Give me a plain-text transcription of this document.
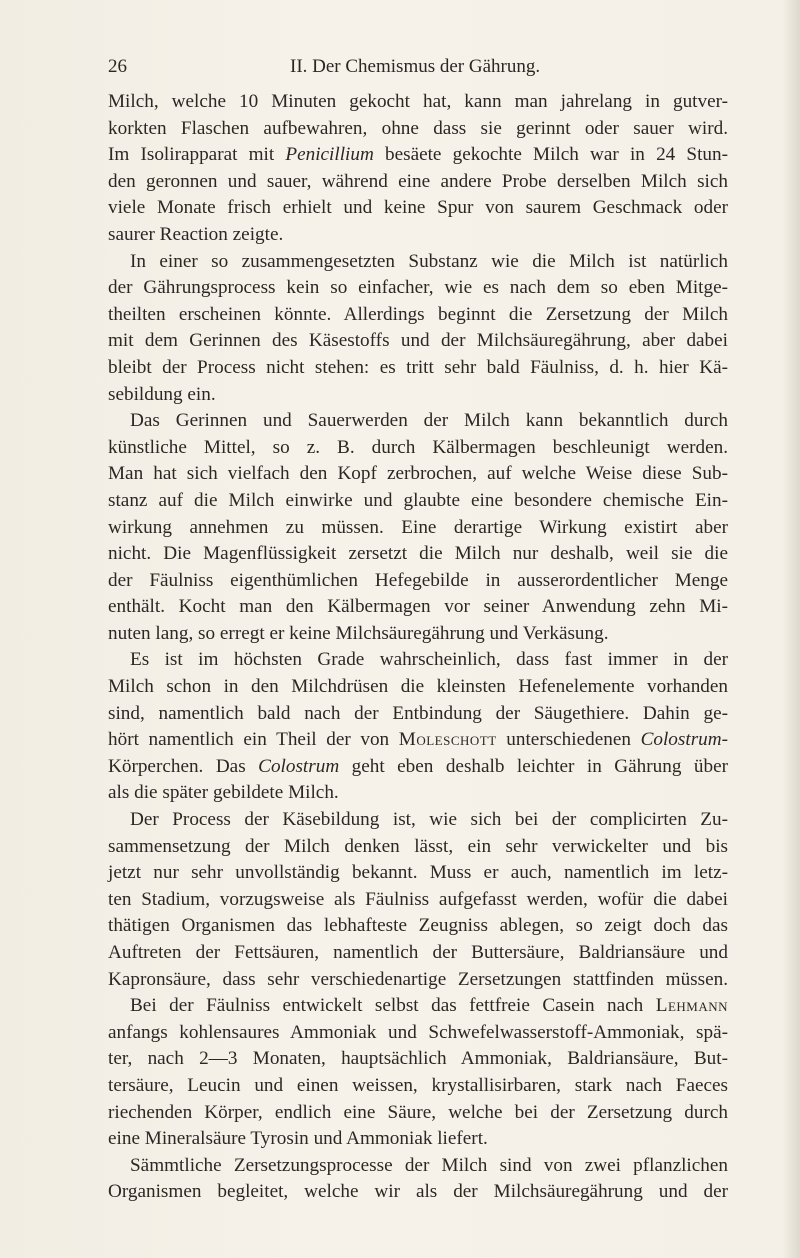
26	II. Der Chemismus der Gährung.

Milch, welche 10 Minuten gekocht hat, kann man jahrelang in gutver-

korkten Flaschen aufbewahren, ohne dass sie gerinnt oder sauer wird.

Im Isolirapparat mit Penicillium besäete gekochte Milch war in 24 Stun-

den geronnen und sauer, während eine andere Probe derselben Milch sich

viele Monate frisch erhielt und keine Spur von saurem Geschmack oder

saurer Reaction zeigte.

In einer so zusammengesetzten Substanz wie die Milch ist natürlich

der Gährungsprocess kein so einfacher, wie es nach dem so eben Mitge-

theilten erscheinen könnte. Allerdings beginnt die Zersetzung der Milch

mit dem Gerinnen des Käsestoffs und der Milchsäuregährung, aber dabei

bleibt der Process nicht stehen: es tritt sehr bald Fäulniss, d. h. hier Kä-

sebildung ein.

Das Gerinnen und Sauerwerden der Milch kann bekanntlich durch

künstliche Mittel, so z. B. durch Kälbermagen beschleunigt werden.

Man hat sich vielfach den Kopf zerbrochen, auf welche Weise diese Sub-

stanz auf die Milch einwirke und glaubte eine besondere chemische Ein-

wirkung annehmen zu müssen. Eine derartige Wirkung existirt aber

nicht. Die Magenflüssigkeit zersetzt die Milch nur deshalb, weil sie die

der Fäulniss eigenthümlichen Hefegebilde in ausserordentlicher Menge

enthält. Kocht man den Kälbermagen vor seiner Anwendung zehn Mi-

nuten lang, so erregt er keine Milchsäuregährung und Verkäsung.

Es ist im höchsten Grade wahrscheinlich, dass fast immer in der

Milch schon in den Milchdrüsen die kleinsten Hefenelemente vorhanden

sind, namentlich bald nach der Entbindung der Säugethiere. Dahin ge-

hört namentlich ein Theil der von Moleschott unterschiedenen Colostrum-

Körperchen. Das Colostrum geht eben deshalb leichter in Gährung über

als die später gebildete Milch.

Der Process der Käsebildung ist, wie sich bei der complicirten Zu-

sammensetzung der Milch denken lässt, ein sehr verwickelter und bis

jetzt nur sehr unvollständig bekannt. Muss er auch, namentlich im letz-

ten Stadium, vorzugsweise als Fäulniss aufgefasst werden, wofür die dabei

thätigen Organismen das lebhafteste Zeugniss ablegen, so zeigt doch das

Auftreten der Fettsäuren, namentlich der Buttersäure, Baldriansäure und

Kapronsäure, dass sehr verschiedenartige Zersetzungen stattfinden müssen.

Bei der Fäulniss entwickelt selbst das fettfreie Casein nach Lehmann

anfangs kohlensaures Ammoniak und Schwefelwasserstoff-Ammoniak, spä-

ter, nach 2—3 Monaten, hauptsächlich Ammoniak, Baldriansäure, But-

tersäure, Leucin und einen weissen, krystallisirbaren, stark nach Faeces

riechenden Körper, endlich eine Säure, welche bei der Zersetzung durch

eine Mineralsäure Tyrosin und Ammoniak liefert.

Sämmtliche Zersetzungsprocesse der Milch sind von zwei pflanzlichen

Organismen begleitet, welche wir als der Milchsäuregährung und der
